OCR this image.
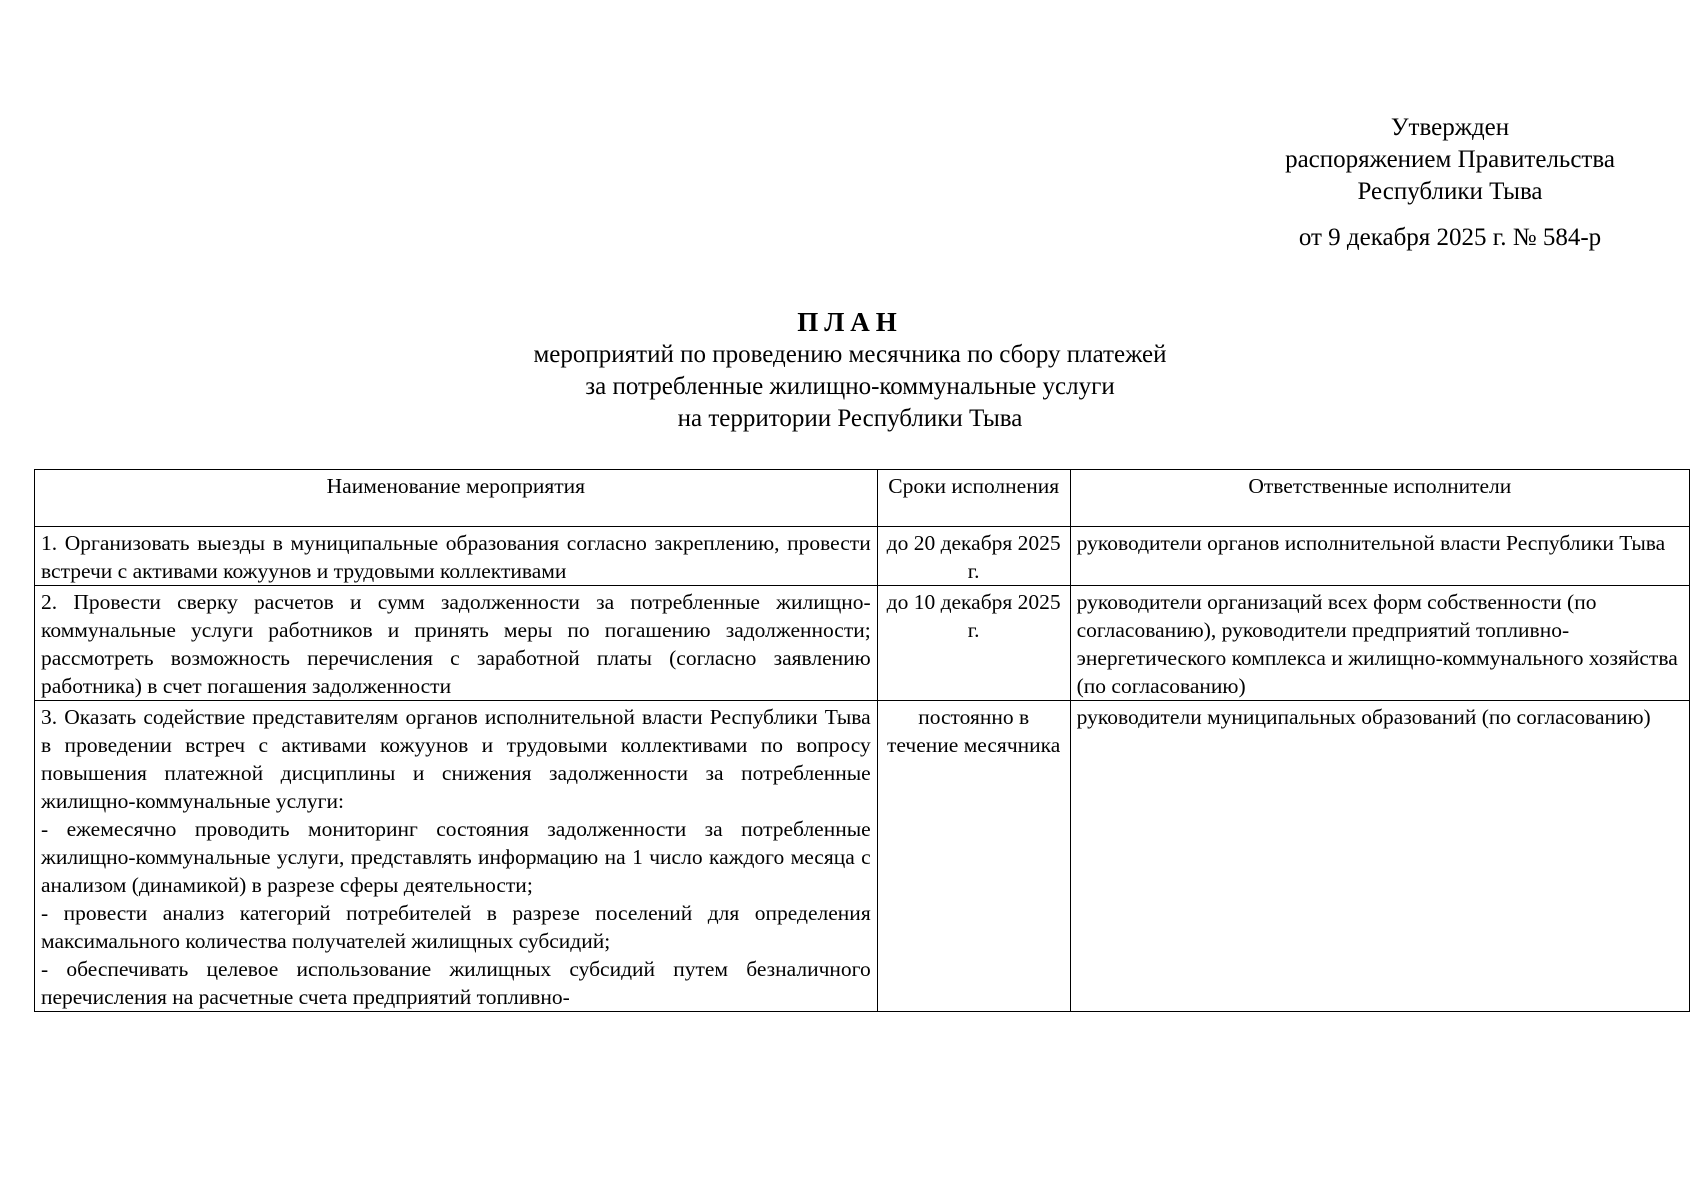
Утвержден
распоряжением Правительства
Республики Тыва
от 9 декабря 2025 г. № 584-р
ПЛАН
мероприятий по проведению месячника по сбору платежей
за потребленные жилищно-коммунальные услуги
на территории Республики Тыва
Наименование мероприятия	Сроки исполнения	Ответственные исполнители
1. Организовать выезды в муниципальные образования согласно закреплению, провести встречи с активами кожуунов и трудовыми коллективами	до 20 декабря 2025 г.	руководители органов исполнительной власти Республики Тыва
2. Провести сверку расчетов и сумм задолженности за потребленные жилищно-коммунальные услуги работников и принять меры по погашению задолженности; рассмотреть возможность перечисления с заработной платы (согласно заявлению работника) в счет погашения задолженности	до 10 декабря 2025 г.	руководители организаций всех форм собственности (по согласованию), руководители предприятий топливно-энергетического комплекса и жилищно-коммунального хозяйства (по согласованию)

3. Оказать содействие представителям органов исполнительной власти Республики Тыва в проведении встреч с активами кожуунов и трудовыми коллективами по вопросу повышения платежной дисциплины и снижения задолженности за потребленные жилищно-коммунальные услуги:
- ежемесячно проводить мониторинг состояния задолженности за потребленные жилищно-коммунальные услуги, представлять информацию на 1 число каждого месяца с анализом (динамикой) в разрезе сферы деятельности;
- провести анализ категорий потребителей в разрезе поселений для определения максимального количества получателей жилищных субсидий;
- обеспечивать целевое использование жилищных субсидий путем безналичного перечисления на расчетные счета предприятий топливно-	постоянно в течение месячника	руководители муниципальных образований (по согласованию)
